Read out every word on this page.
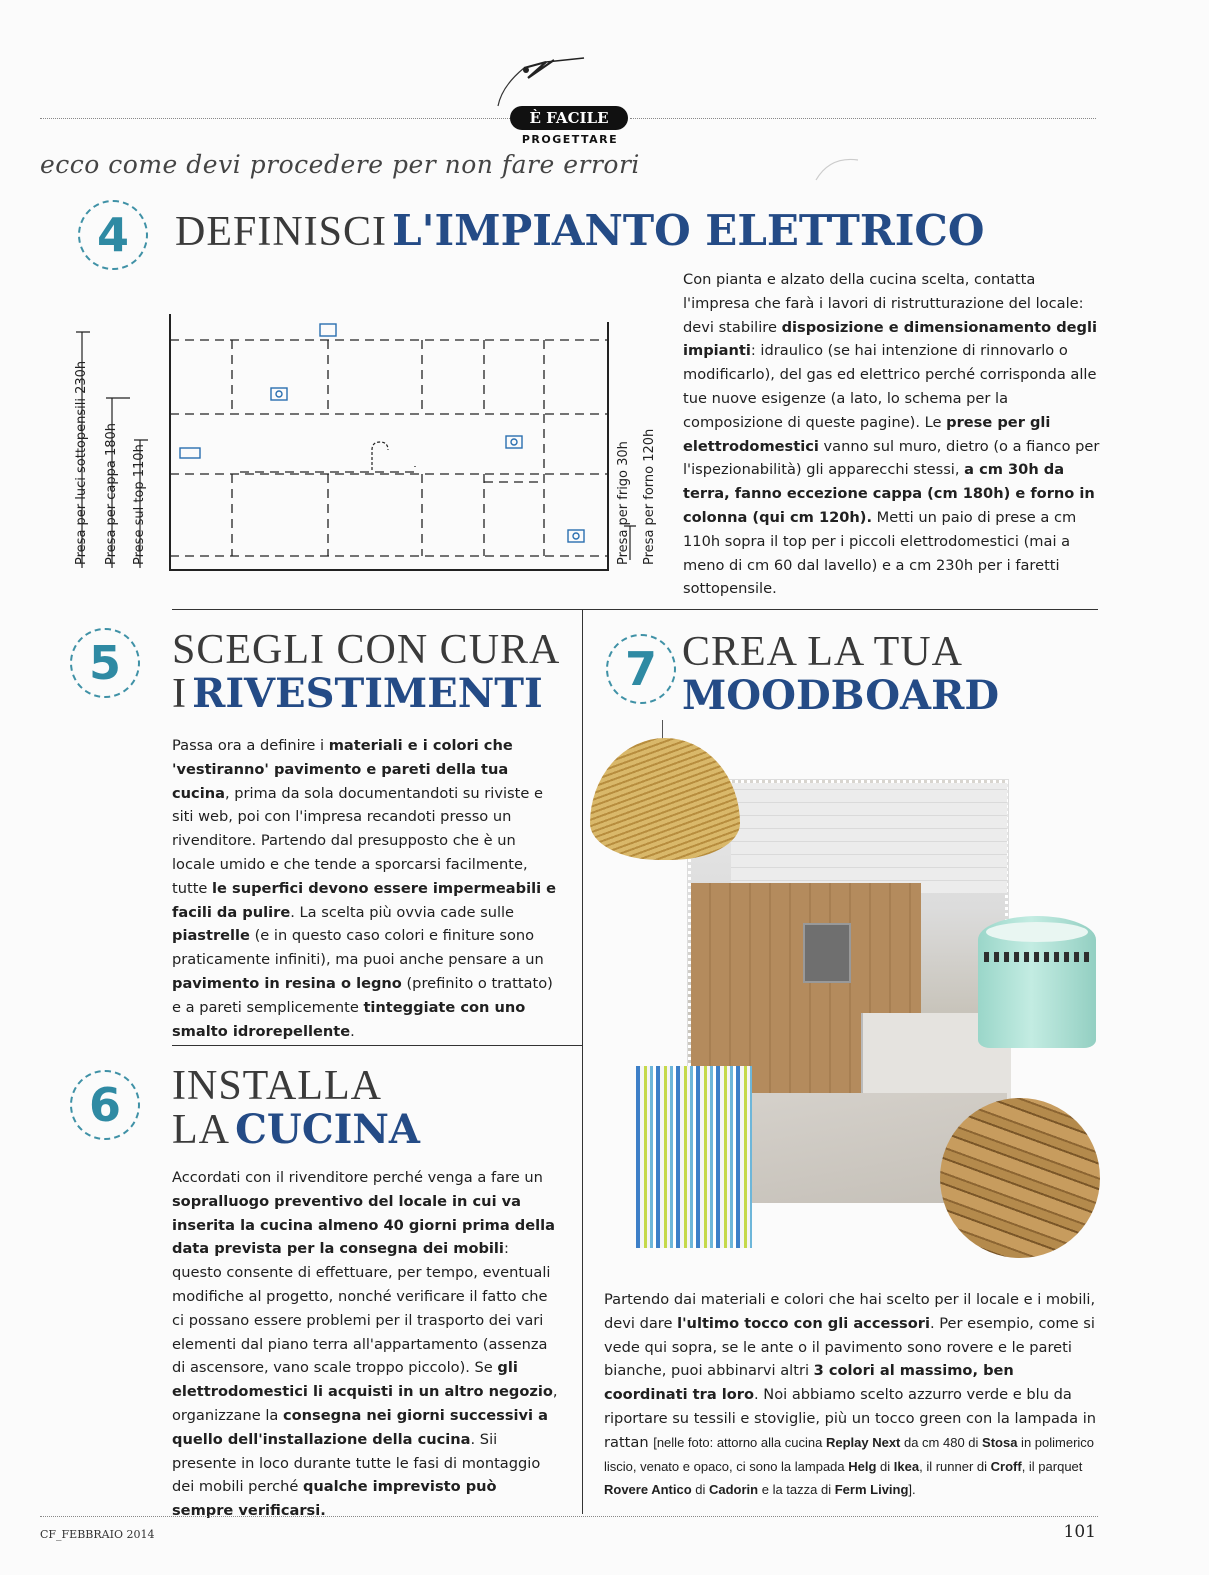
È FACILE
PROGETTARE
ecco come devi procedere per non fare errori
4 DEFINISCI L'IMPIANTO ELETTRICO
Presa per luci sottopensili 230h Presa per cappa 180h Prese sul top 110h	Presa per frigo 30h Presa per forno 120h
Con pianta e alzato della cucina scelta, contatta l'impresa che farà i lavori di ristrutturazione del locale: devi stabilire disposizione e dimensionamento degli impianti: idraulico (se hai intenzione di rinnovarlo o modificarlo), del gas ed elettrico perché corrisponda alle tue nuove esigenze (a lato, lo schema per la composizione di queste pagine). Le prese per gli elettrodomestici vanno sul muro, dietro (o a fianco per l'ispezionabilità) gli apparecchi stessi, a cm 30h da terra, fanno eccezione cappa (cm 180h) e forno in colonna (qui cm 120h). Metti un paio di prese a cm 110h sopra il top per i piccoli elettrodomestici (mai a meno di cm 60 dal lavello) e a cm 230h per i faretti sottopensile.
5 SCEGLI CON CURA
I RIVESTIMENTI
Passa ora a definire i materiali e i colori che 'vestiranno' pavimento e pareti della tua cucina, prima da sola documentandoti su riviste e siti web, poi con l'impresa recandoti presso un rivenditore. Partendo dal presupposto che è un locale umido e che tende a sporcarsi facilmente, tutte le superfici devono essere impermeabili e facili da pulire. La scelta più ovvia cade sulle piastrelle (e in questo caso colori e finiture sono praticamente infiniti), ma puoi anche pensare a un pavimento in resina o legno (prefinito o trattato) e a pareti semplicemente tinteggiate con uno smalto idrorepellente.
6 INSTALLA
LA CUCINA
Accordati con il rivenditore perché venga a fare un sopralluogo preventivo del locale in cui va inserita la cucina almeno 40 giorni prima della data prevista per la consegna dei mobili: questo consente di effettuare, per tempo, eventuali modifiche al progetto, nonché verificare il fatto che ci possano essere problemi per il trasporto dei vari elementi dal piano terra all'appartamento (assenza di ascensore, vano scale troppo piccolo). Se gli elettrodomestici li acquisti in un altro negozio, organizzane la consegna nei giorni successivi a quello dell'installazione della cucina. Sii presente in loco durante tutte le fasi di montaggio dei mobili perché qualche imprevisto può sempre verificarsi.
7 CREA LA TUA
MOODBOARD
Partendo dai materiali e colori che hai scelto per il locale e i mobili, devi dare l'ultimo tocco con gli accessori. Per esempio, come si vede qui sopra, se le ante o il pavimento sono rovere e le pareti bianche, puoi abbinarvi altri 3 colori al massimo, ben coordinati tra loro. Noi abbiamo scelto azzurro verde e blu da riportare su tessili e stoviglie, più un tocco green con la lampada in rattan [nelle foto: attorno alla cucina Replay Next da cm 480 di Stosa in polimerico liscio, venato e opaco, ci sono la lampada Helg di Ikea, il runner di Croff, il parquet Rovere Antico di Cadorin e la tazza di Ferm Living].
CF_FEBBRAIO 2014	101
